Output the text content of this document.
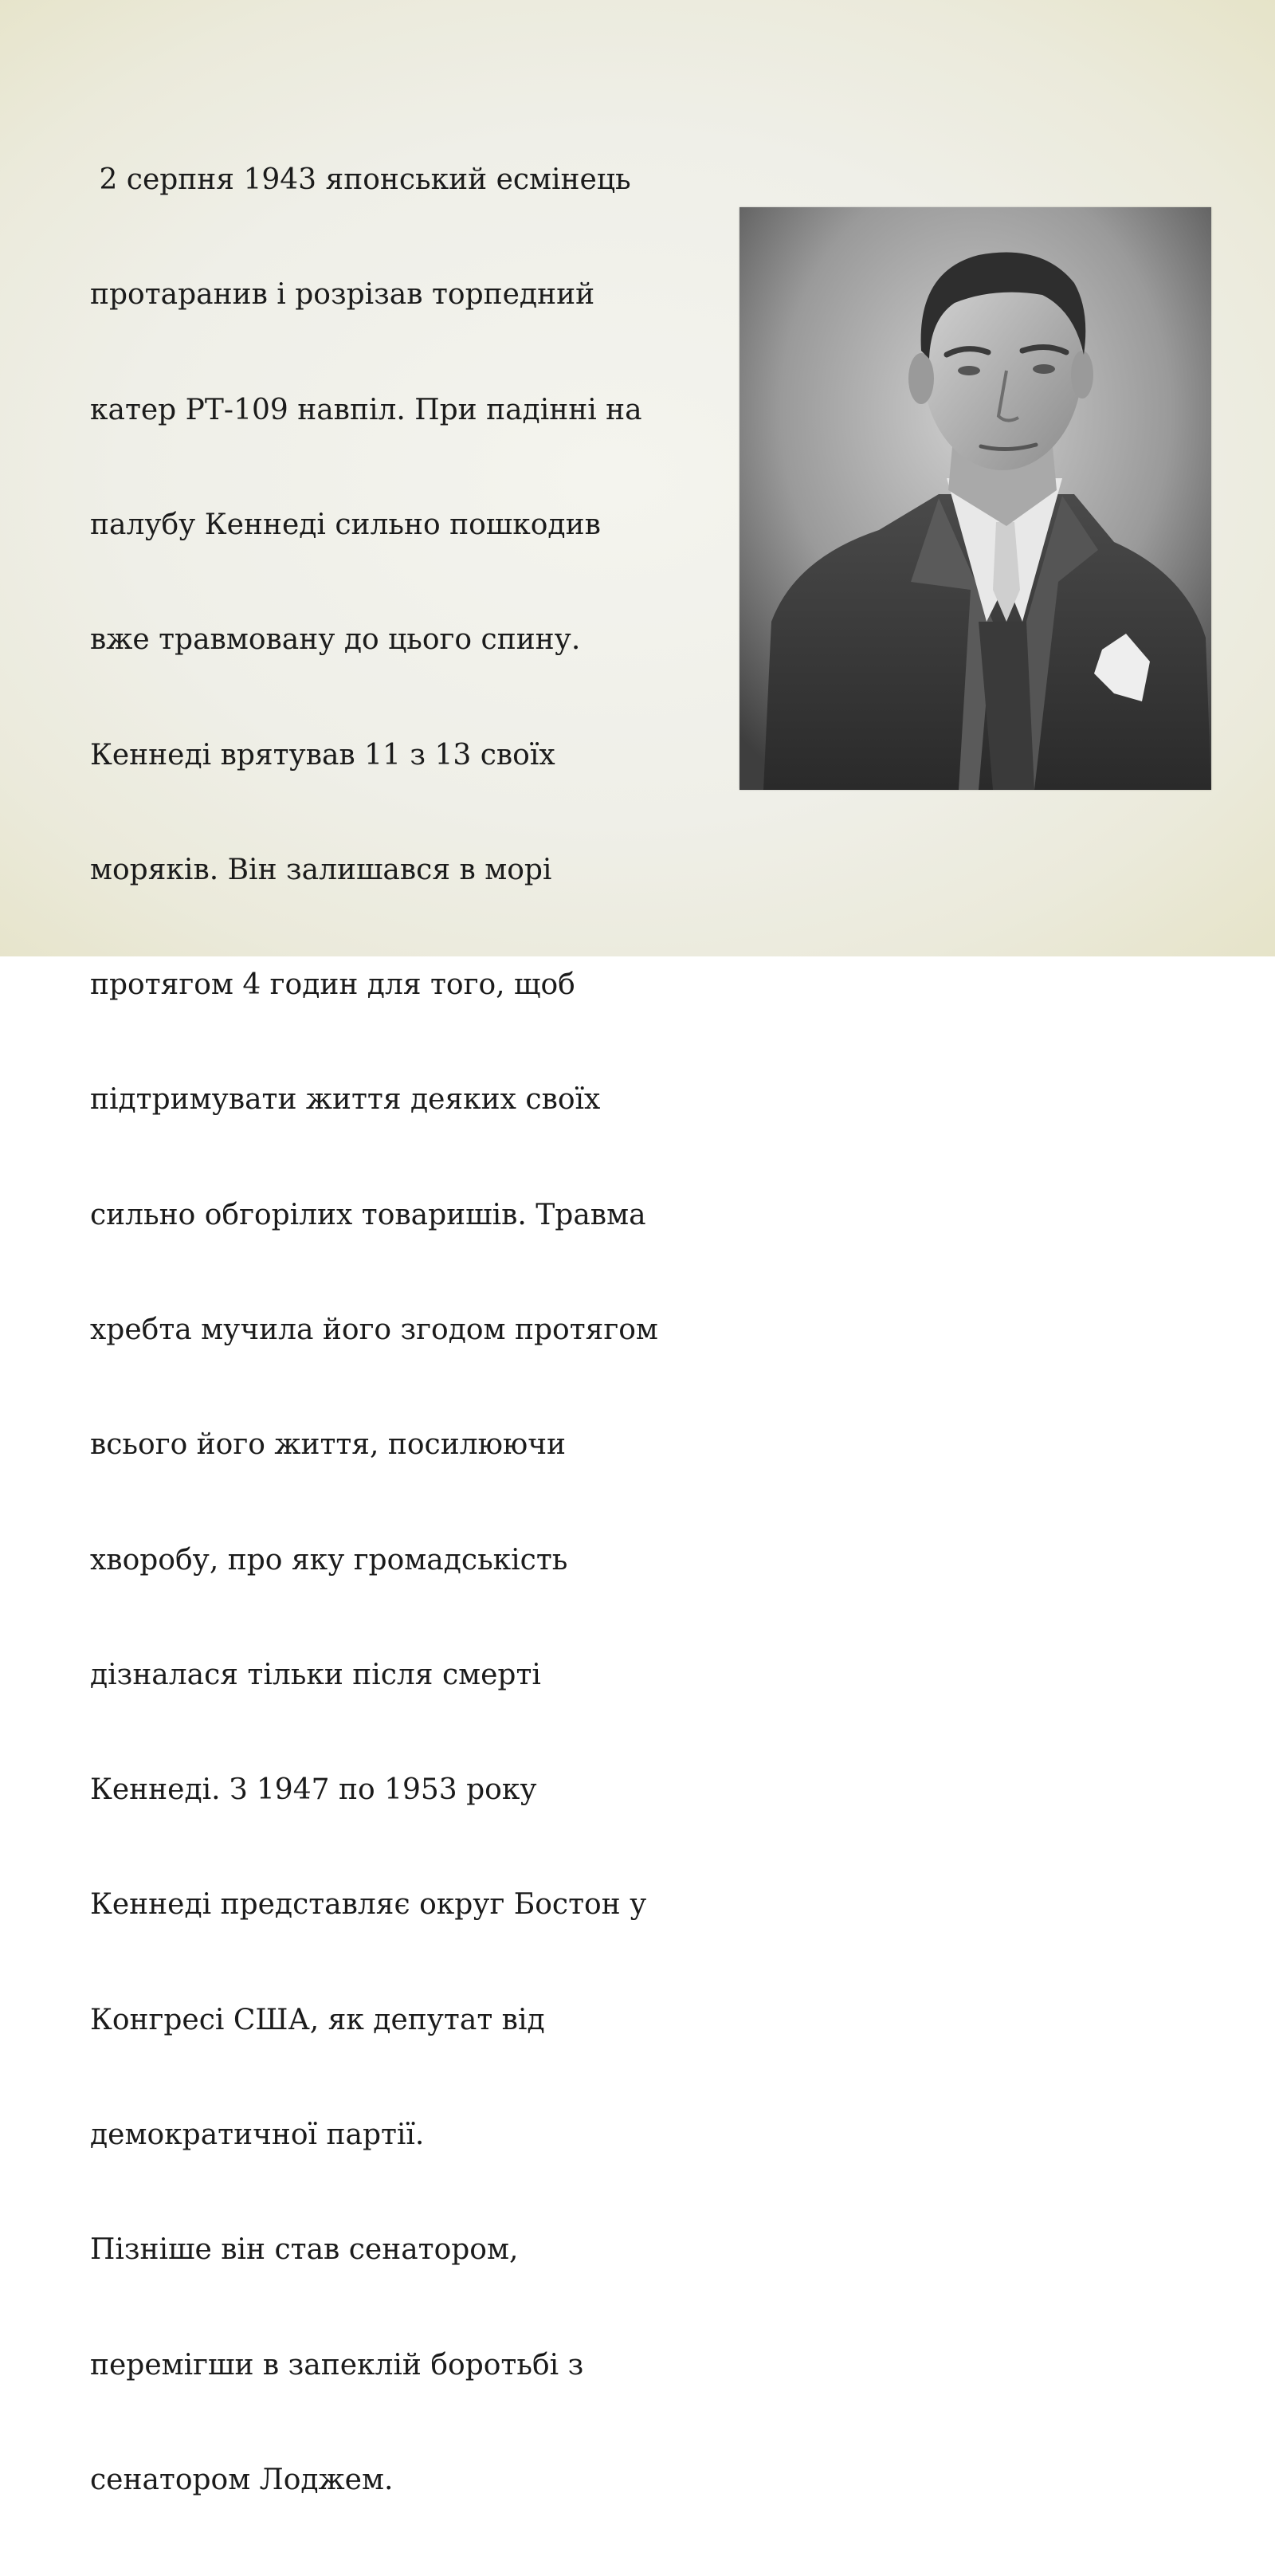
2 серпня 1943 японський есмінець

протаранив і розрізав торпедний

катер РТ-109 навпіл. При падінні на

палубу Кеннеді сильно пошкодив

вже травмовану до цього спину.

Кеннеді врятував 11 з 13 своїх

моряків. Він залишався в морі

протягом 4 годин для того, щоб

підтримувати життя деяких своїх

сильно обгорілих товаришів. Травма

хребта мучила його згодом протягом

всього його життя, посилюючи

хворобу, про яку громадськість

дізналася тільки після смерті

Кеннеді. З 1947 по 1953 року

Кеннеді представляє округ Бостон у

Конгресі США, як депутат від

демократичної партії.

Пізніше він став сенатором,

перемігши в запеклій боротьбі з

сенатором Лоджем.
